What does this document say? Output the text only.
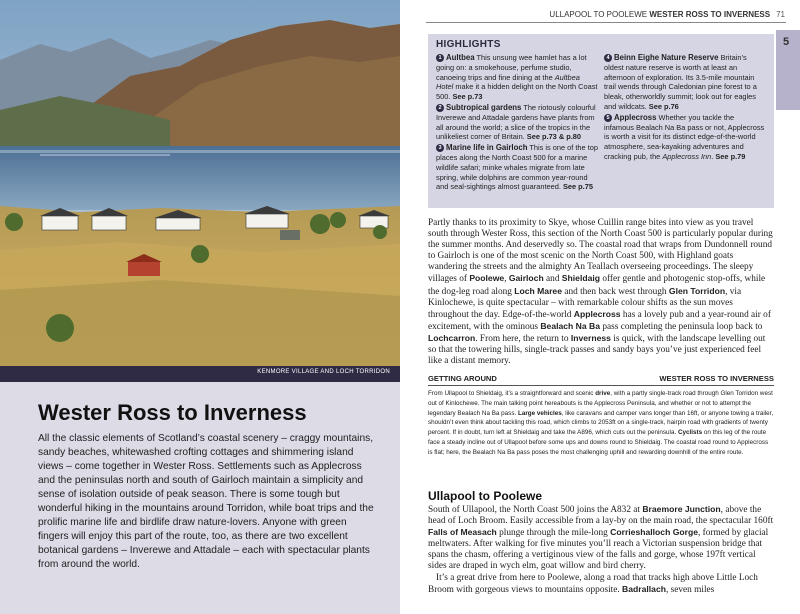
KENMORE VILLAGE AND LOCH TORRIDON
Wester Ross to Inverness

All the classic elements of Scotland’s coastal scenery – craggy mountains, sandy beaches, whitewashed crofting cottages and shimmering island views – come together in Wester Ross. Settlements such as Applecross and the peninsulas north and south of Gairloch maintain a simplicity and sense of isolation outside of peak season. There is some tough but wonderful hiking in the mountains around Torridon, while boat trips and the prolific marine life and birdlife draw nature-lovers. Anyone with green fingers will enjoy this part of the route, too, as there are two excellent botanical gardens – Inverewe and Attadale – each with spectacular plants from around the world.

ULLAPOOL TO POOLEWE WESTER ROSS TO INVERNESS 71
5
HIGHLIGHTS

1 Aultbea This unsung wee hamlet has a lot going on: a smokehouse, perfume studio, canoeing trips and fine dining at the Aultbea Hotel make it a hidden delight on the North Coast 500. See p.73

2 Subtropical gardens The riotously colourful Inverewe and Attadale gardens have plants from all around the world; a slice of the tropics in the unlikeliest corner of Britain. See p.73 & p.80

3 Marine life in Gairloch This is one of the top places along the North Coast 500 for a marine wildlife safari; minke whales migrate from late spring, while dolphins are common year-round and seal-sightings almost guaranteed. See p.75

4 Beinn Eighe Nature Reserve Britain’s oldest nature reserve is worth at least an afternoon of exploration. Its 3.5-mile mountain trail wends through Caledonian pine forest to a bleak, otherworldly summit; look out for eagles and wildcats. See p.76

5 Applecross Whether you tackle the infamous Bealach Na Ba pass or not, Applecross is worth a visit for its distinct edge-of-the-world atmosphere, sea-kayaking adventures and cracking pub, the Applecross Inn. See p.79

Partly thanks to its proximity to Skye, whose Cuillin range bites into view as you travel south through Wester Ross, this section of the North Coast 500 is particularly popular during the summer months. And deservedly so. The coastal road that wraps from Dundonnell round to Gairloch is one of the most scenic on the North Coast 500, with Highland goats wandering the streets and the almighty An Teallach overseeing proceedings. The sleepy villages of Poolewe, Gairloch and Shieldaig offer gentle and photogenic stop-offs, while the dog-leg road along Loch Maree and then back west through Glen Torridon, via Kinlochewe, is quite spectacular – with remarkable colour shifts as the sun moves throughout the day. Edge-of-the-world Applecross has a lovely pub and a year-round air of excitement, with the ominous Bealach Na Ba pass completing the peninsula loop back to Lochcarron. From here, the return to Inverness is quick, with the landscape levelling out so that the towering hills, single-track passes and sandy bays you’ve just experienced feel like a distant memory.

GETTING AROUND	WESTER ROSS TO INVERNESS

From Ullapool to Shieldaig, it’s a straightforward and scenic drive, with a partly single-track road through Glen Torridon west out of Kinlochewe. The main talking point hereabouts is the Applecross Peninsula, and whether or not to attempt the legendary Bealach Na Ba pass. Large vehicles, like caravans and camper vans longer than 16ft, or anyone towing a trailer, shouldn’t even think about tackling this road, which climbs to 2053ft on a single-track, hairpin road with gradients of twenty percent. If in doubt, turn left at Shieldaig and take the A896, which cuts out the peninsula. Cyclists on this leg of the route face a steady incline out of Ullapool before some ups and downs round to Shieldaig. The coastal road round to Applecross is flat; here, the Bealach Na Ba pass poses the most challenging uphill and rewarding downhill of the entire route.

Ullapool to Poolewe

South of Ullapool, the North Coast 500 joins the A832 at Braemore Junction, above the head of Loch Broom. Easily accessible from a lay-by on the main road, the spectacular 160ft Falls of Measach plunge through the mile-long Corrieshalloch Gorge, formed by glacial meltwaters. After walking for five minutes you’ll reach a Victorian suspension bridge that spans the chasm, offering a vertiginous view of the falls and gorge, whose 197ft vertical sides are draped in wych elm, goat willow and bird cherry.

It’s a great drive from here to Poolewe, along a road that tracks high above Little Loch Broom with gorgeous views to mountains opposite. Badrallach, seven miles
